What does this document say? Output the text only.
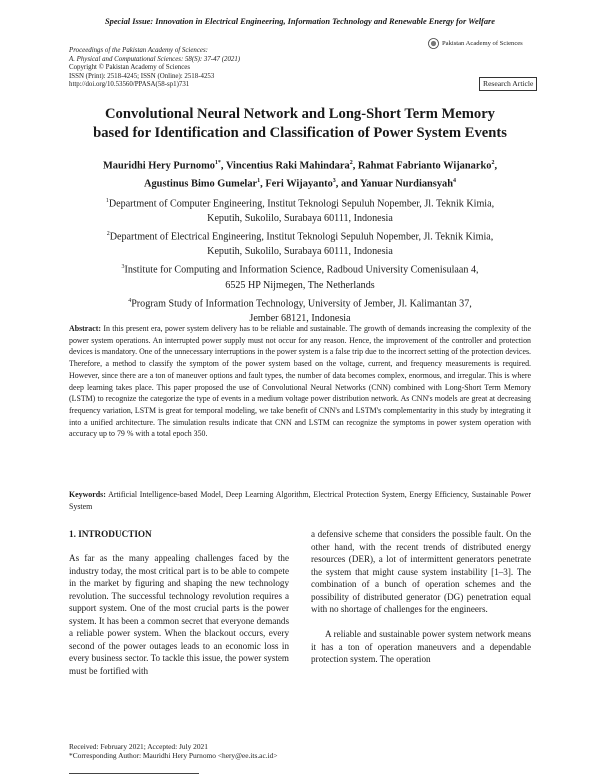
Special Issue: Innovation in Electrical Engineering, Information Technology and Renewable Energy for Welfare
Proceedings of the Pakistan Academy of Sciences:
A. Physical and Computational Sciences: 58(S): 37-47 (2021)
Copyright © Pakistan Academy of Sciences
ISSN (Print): 2518-4245; ISSN (Online): 2518-4253
http://doi.org/10.53560/PPASA(58-sp1)731
Pakistan Academy of Sciences
Research Article
Convolutional Neural Network and Long-Short Term Memory
based for Identification and Classification of Power System Events
Mauridhi Hery Purnomo$^{1*}$, Vincentius Raki Mahindara$^2$, Rahmat Fabrianto Wijanarko$^2$,
Agustinus Bimo Gumelar$^1$, Feri Wijayanto$^3$, and Yanuar Nurdiansyah$^4$
$^1$Department of Computer Engineering, Institut Teknologi Sepuluh Nopember, Jl. Teknik Kimia,
Keputih, Sukolilo, Surabaya 60111, Indonesia
$^2$Department of Electrical Engineering, Institut Teknologi Sepuluh Nopember, Jl. Teknik Kimia,
Keputih, Sukolilo, Surabaya 60111, Indonesia
$^3$Institute for Computing and Information Science, Radboud University Comenisulaan 4,
6525 HP Nijmegen, The Netherlands
$^4$Program Study of Information Technology, University of Jember, Jl. Kalimantan 37,
Jember 68121, Indonesia
Abstract: In this present era, power system delivery has to be reliable and sustainable. The growth of demands increasing the complexity of the power system operations. An interrupted power supply must not occur for any reason. Hence, the improvement of the controller and protection devices is mandatory. One of the unnecessary interruptions in the power system is a false trip due to the incorrect setting of the protection devices. Therefore, a method to classify the symptom of the power system based on the voltage, current, and frequency measurements is required. However, since there are a ton of maneuver options and fault types, the number of data becomes complex, enormous, and irregular. This is where deep learning takes place. This paper proposed the use of Convolutional Neural Networks (CNN) combined with Long-Short Term Memory (LSTM) to recognize the categorize the type of events in a medium voltage power distribution network. As CNN's models are great at decreasing frequency variation, LSTM is great for temporal modeling, we take benefit of CNN's and LSTM's complementarity in this study by integrating it into a unified architecture. The simulation results indicate that CNN and LSTM can recognize the symptoms in power system operation with accuracy up to 79 % with a total epoch 350.
Keywords: Artificial Intelligence-based Model, Deep Learning Algorithm, Electrical Protection System, Energy Efficiency, Sustainable Power System
1. INTRODUCTION
As far as the many appealing challenges faced by the industry today, the most critical part is to be able to compete in the market by figuring and shaping the new technology revolution. The successful technology revolution requires a support system. One of the most crucial parts is the power system. It has been a common secret that everyone demands a reliable power system. When the blackout occurs, every second of the power outages leads to an economic loss in every business sector. To tackle this issue, the power system must be fortified with
a defensive scheme that considers the possible fault. On the other hand, with the recent trends of distributed energy resources (DER), a lot of intermittent generators penetrate the system that might cause system instability [1–3]. The combination of a bunch of operation schemes and the possibility of distributed generator (DG) penetration equal with no shortage of challenges for the engineers.
A reliable and sustainable power system network means it has a ton of operation maneuvers and a dependable protection system. The operation
Received: February 2021; Accepted: July 2021
*Corresponding Author: Mauridhi Hery Purnomo <hery@ee.its.ac.id>
